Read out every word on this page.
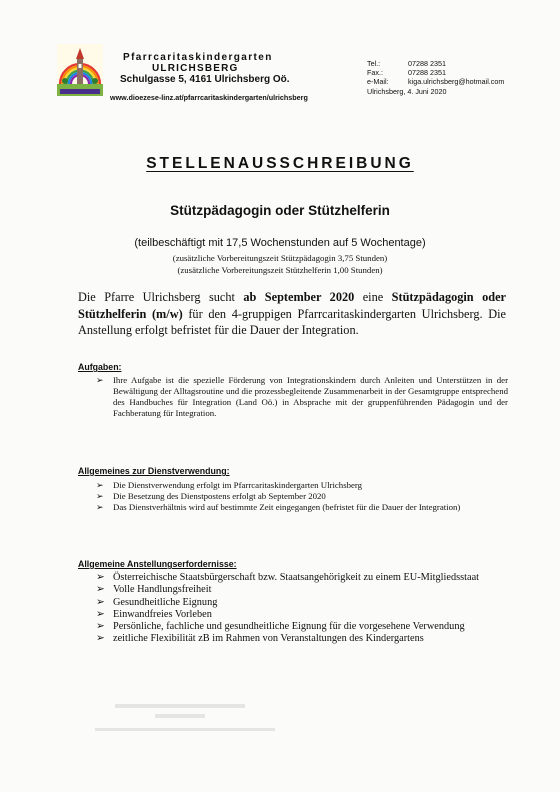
Pfarrcaritaskindergarten
ULRICHSBERG
Schulgasse 5, 4161 Ulrichsberg Oö.
www.dioezese-linz.at/pfarrcaritaskindergarten/ulrichsberg
Tel.:	07288 2351
Fax.:	07288 2351
e-Mail:	kiga.ulrichsberg@hotmail.com
Ulrichsberg, 4. Juni 2020
STELLENAUSSCHREIBUNG
Stützpädagogin oder Stützhelferin
(teilbeschäftigt mit 17,5 Wochenstunden auf 5 Wochentage)
(zusätzliche Vorbereitungszeit Stützpädagogin 3,75 Stunden)
(zusätzliche Vorbereitungszeit Stützhelferin 1,00 Stunden)
Die Pfarre Ulrichsberg sucht ab September 2020 eine Stützpädagogin oder Stützhelferin (m/w) für den 4-gruppigen Pfarrcaritaskindergarten Ulrichsberg. Die Anstellung erfolgt befristet für die Dauer der Integration.
Aufgaben:
➢ Ihre Aufgabe ist die spezielle Förderung von Integrationskindern durch Anleiten und Unterstützen in der Bewältigung der Alltagsroutine und die prozessbegleitende Zusammenarbeit in der Gesamtgruppe entsprechend des Handbuches für Integration (Land Oö.) in Absprache mit der gruppenführenden Pädagogin und der Fachberatung für Integration.
Allgemeines zur Dienstverwendung:
➢ Die Dienstverwendung erfolgt im Pfarrcaritaskindergarten Ulrichsberg
➢ Die Besetzung des Dienstpostens erfolgt ab September 2020
➢ Das Dienstverhältnis wird auf bestimmte Zeit eingegangen (befristet für die Dauer der Integration)
Allgemeine Anstellungserfordernisse:
➢ Österreichische Staatsbürgerschaft bzw. Staatsangehörigkeit zu einem EU-Mitgliedsstaat
➢ Volle Handlungsfreiheit
➢ Gesundheitliche Eignung
➢ Einwandfreies Vorleben
➢ Persönliche, fachliche und gesundheitliche Eignung für die vorgesehene Verwendung
➢ zeitliche Flexibilität zB im Rahmen von Veranstaltungen des Kindergartens
